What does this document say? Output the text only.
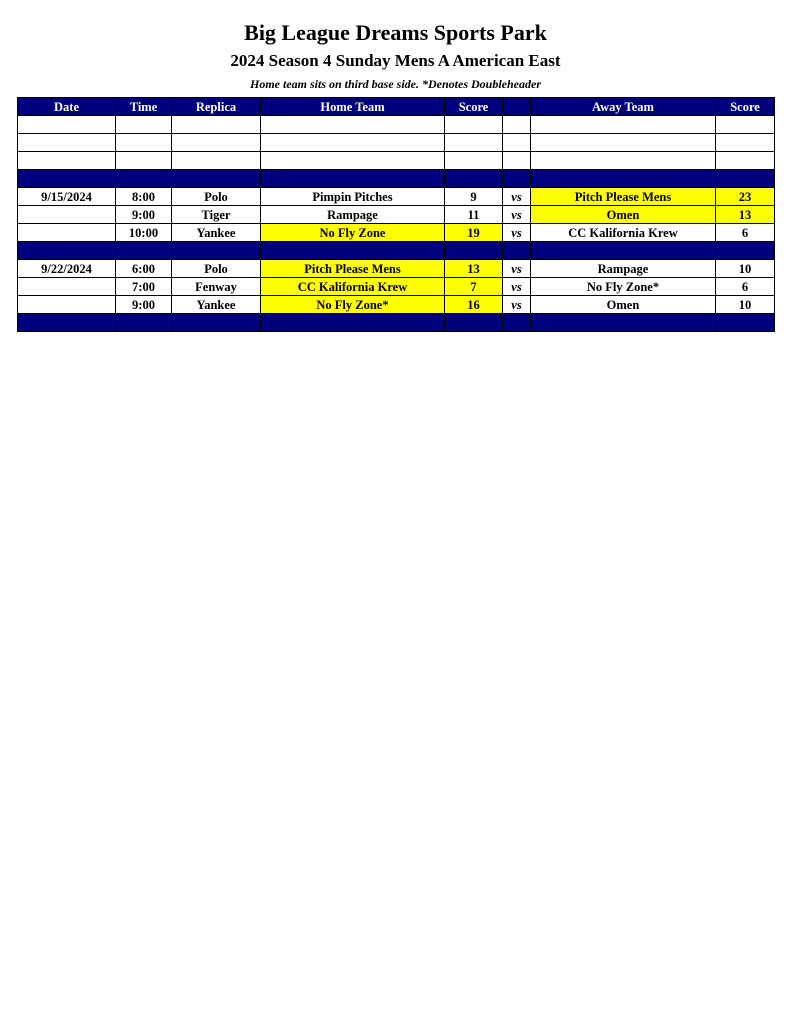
Big League Dreams Sports Park
2024 Season 4 Sunday Mens A American East
Home team sits on third base side. *Denotes Doubleheader
Date	Time	Replica	Home Team	Score		Away Team	Score

9/15/2024	8:00	Polo	Pimpin Pitches	9	vs	Pitch Please Mens	23
	9:00	Tiger	Rampage	11	vs	Omen	13
	10:00	Yankee	No Fly Zone	19	vs	CC Kalifornia Krew	6

9/22/2024	6:00	Polo	Pitch Please Mens	13	vs	Rampage	10
	7:00	Fenway	CC Kalifornia Krew	7	vs	No Fly Zone*	6
	9:00	Yankee	No Fly Zone*	16	vs	Omen	10
